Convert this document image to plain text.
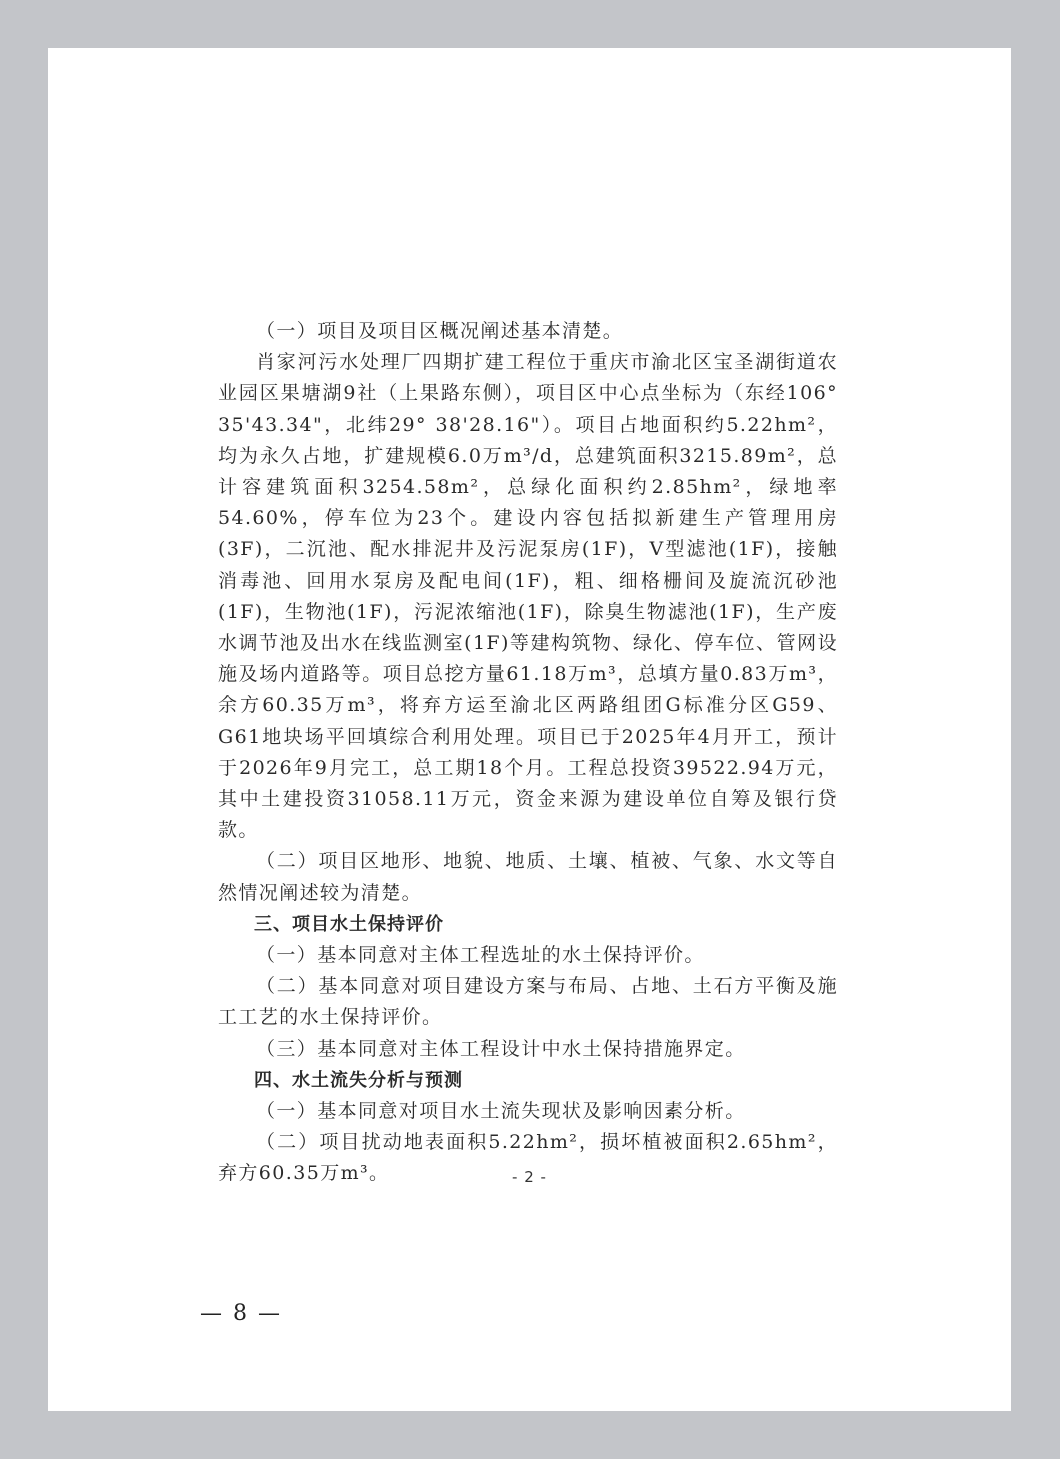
（一）项目及项目区概况阐述基本清楚。

肖家河污水处理厂四期扩建工程位于重庆市渝北区宝圣湖街道农业园区果塘湖9社（上果路东侧），项目区中心点坐标为（东经106° 35'43.34"，北纬29° 38'28.16"）。项目占地面积约5.22hm²，均为永久占地，扩建规模6.0万m³/d，总建筑面积3215.89m²，总计容建筑面积3254.58m²，总绿化面积约2.85hm²，绿地率54.60%，停车位为23个。建设内容包括拟新建生产管理用房(3F)，二沉池、配水排泥井及污泥泵房(1F)，V型滤池(1F)，接触消毒池、回用水泵房及配电间(1F)，粗、细格栅间及旋流沉砂池(1F)，生物池(1F)，污泥浓缩池(1F)，除臭生物滤池(1F)，生产废水调节池及出水在线监测室(1F)等建构筑物、绿化、停车位、管网设施及场内道路等。项目总挖方量61.18万m³，总填方量0.83万m³，余方60.35万m³，将弃方运至渝北区两路组团G标准分区G59、G61地块场平回填综合利用处理。项目已于2025年4月开工，预计于2026年9月完工，总工期18个月。工程总投资39522.94万元，其中土建投资31058.11万元，资金来源为建设单位自筹及银行贷款。

（二）项目区地形、地貌、地质、土壤、植被、气象、水文等自然情况阐述较为清楚。

三、项目水土保持评价

（一）基本同意对主体工程选址的水土保持评价。

（二）基本同意对项目建设方案与布局、占地、土石方平衡及施工工艺的水土保持评价。

（三）基本同意对主体工程设计中水土保持措施界定。

四、水土流失分析与预测

（一）基本同意对项目水土流失现状及影响因素分析。

（二）项目扰动地表面积5.22hm²，损坏植被面积2.65hm²，弃方60.35万m³。	- 2 -
— 8 —
